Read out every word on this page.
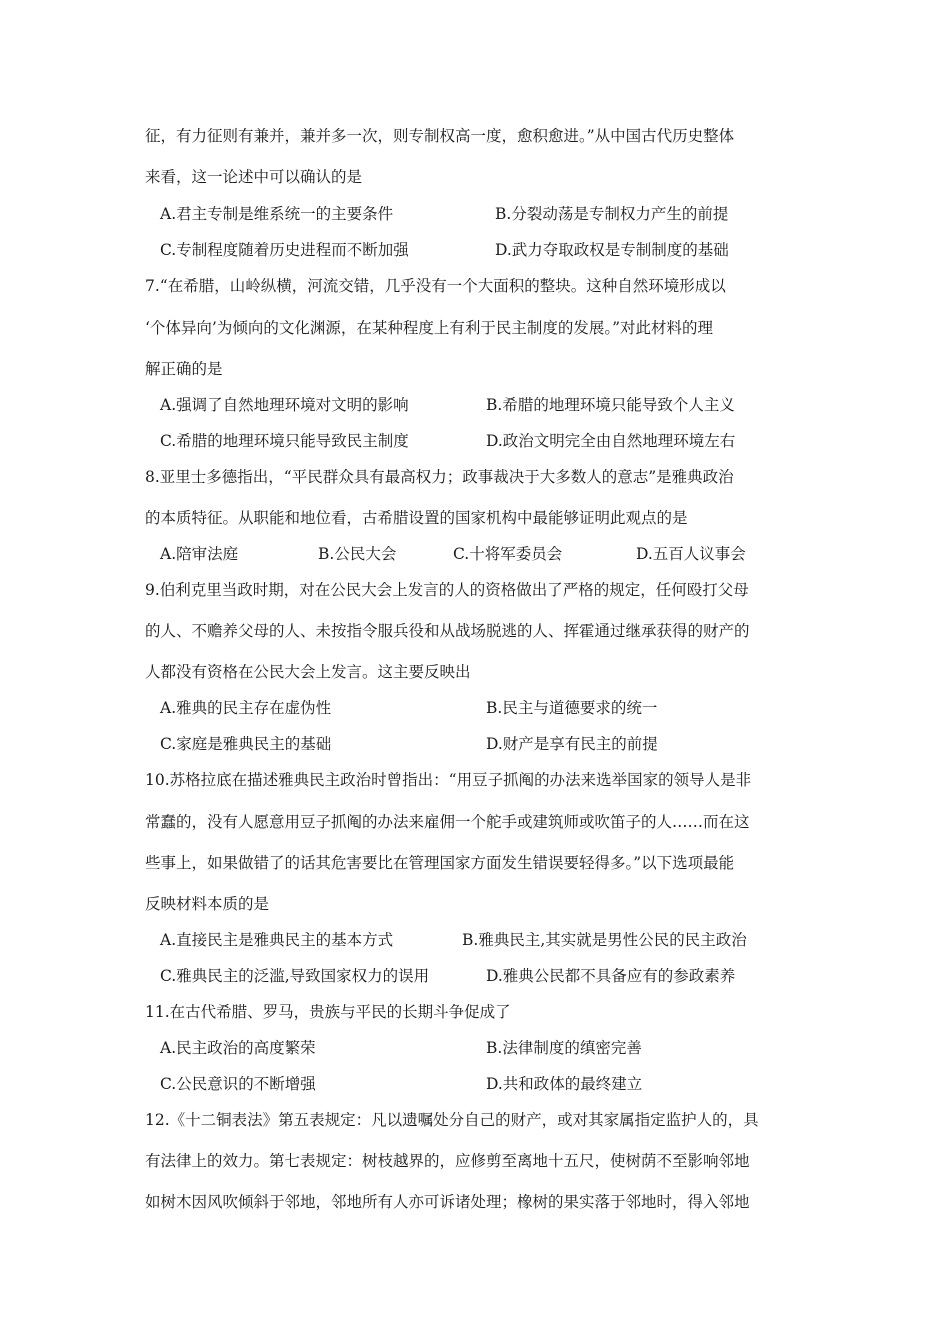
征，有力征则有兼并，兼并多一次，则专制权高一度，愈积愈进。”从中国古代历史整体
来看，这一论述中可以确认的是
A.君主专制是维系统一的主要条件	B.分裂动荡是专制权力产生的前提
C.专制程度随着历史进程而不断加强	D.武力夺取政权是专制制度的基础
7.“在希腊，山岭纵横，河流交错，几乎没有一个大面积的整块。这种自然环境形成以
‘个体异向’为倾向的文化渊源，在某种程度上有利于民主制度的发展。”对此材料的理
解正确的是
A.强调了自然地理环境对文明的影响	B.希腊的地理环境只能导致个人主义
C.希腊的地理环境只能导致民主制度	D.政治文明完全由自然地理环境左右
8.亚里士多德指出，“平民群众具有最高权力；政事裁决于大多数人的意志”是雅典政治
的本质特征。从职能和地位看，古希腊设置的国家机构中最能够证明此观点的是
A.陪审法庭	B.公民大会	C.十将军委员会	D.五百人议事会
9.伯利克里当政时期，对在公民大会上发言的人的资格做出了严格的规定，任何殴打父母
的人、不赡养父母的人、未按指令服兵役和从战场脱逃的人、挥霍通过继承获得的财产的
人都没有资格在公民大会上发言。这主要反映出
A.雅典的民主存在虚伪性	B.民主与道德要求的统一
C.家庭是雅典民主的基础	D.财产是享有民主的前提
10.苏格拉底在描述雅典民主政治时曾指出：“用豆子抓阄的办法来选举国家的领导人是非
常蠢的，没有人愿意用豆子抓阄的办法来雇佣一个舵手或建筑师或吹笛子的人……而在这
些事上，如果做错了的话其危害要比在管理国家方面发生错误要轻得多。”以下选项最能
反映材料本质的是
A.直接民主是雅典民主的基本方式	B.雅典民主,其实就是男性公民的民主政治
C.雅典民主的泛滥,导致国家权力的误用	D.雅典公民都不具备应有的参政素养
11.在古代希腊、罗马，贵族与平民的长期斗争促成了
A.民主政治的高度繁荣	B.法律制度的缜密完善
C.公民意识的不断增强	D.共和政体的最终建立
12.《十二铜表法》第五表规定：凡以遗嘱处分自己的财产，或对其家属指定监护人的，具
有法律上的效力。第七表规定：树枝越界的，应修剪至离地十五尺，使树荫不至影响邻地
如树木因风吹倾斜于邻地，邻地所有人亦可诉诸处理；橡树的果实落于邻地时，得入邻地
